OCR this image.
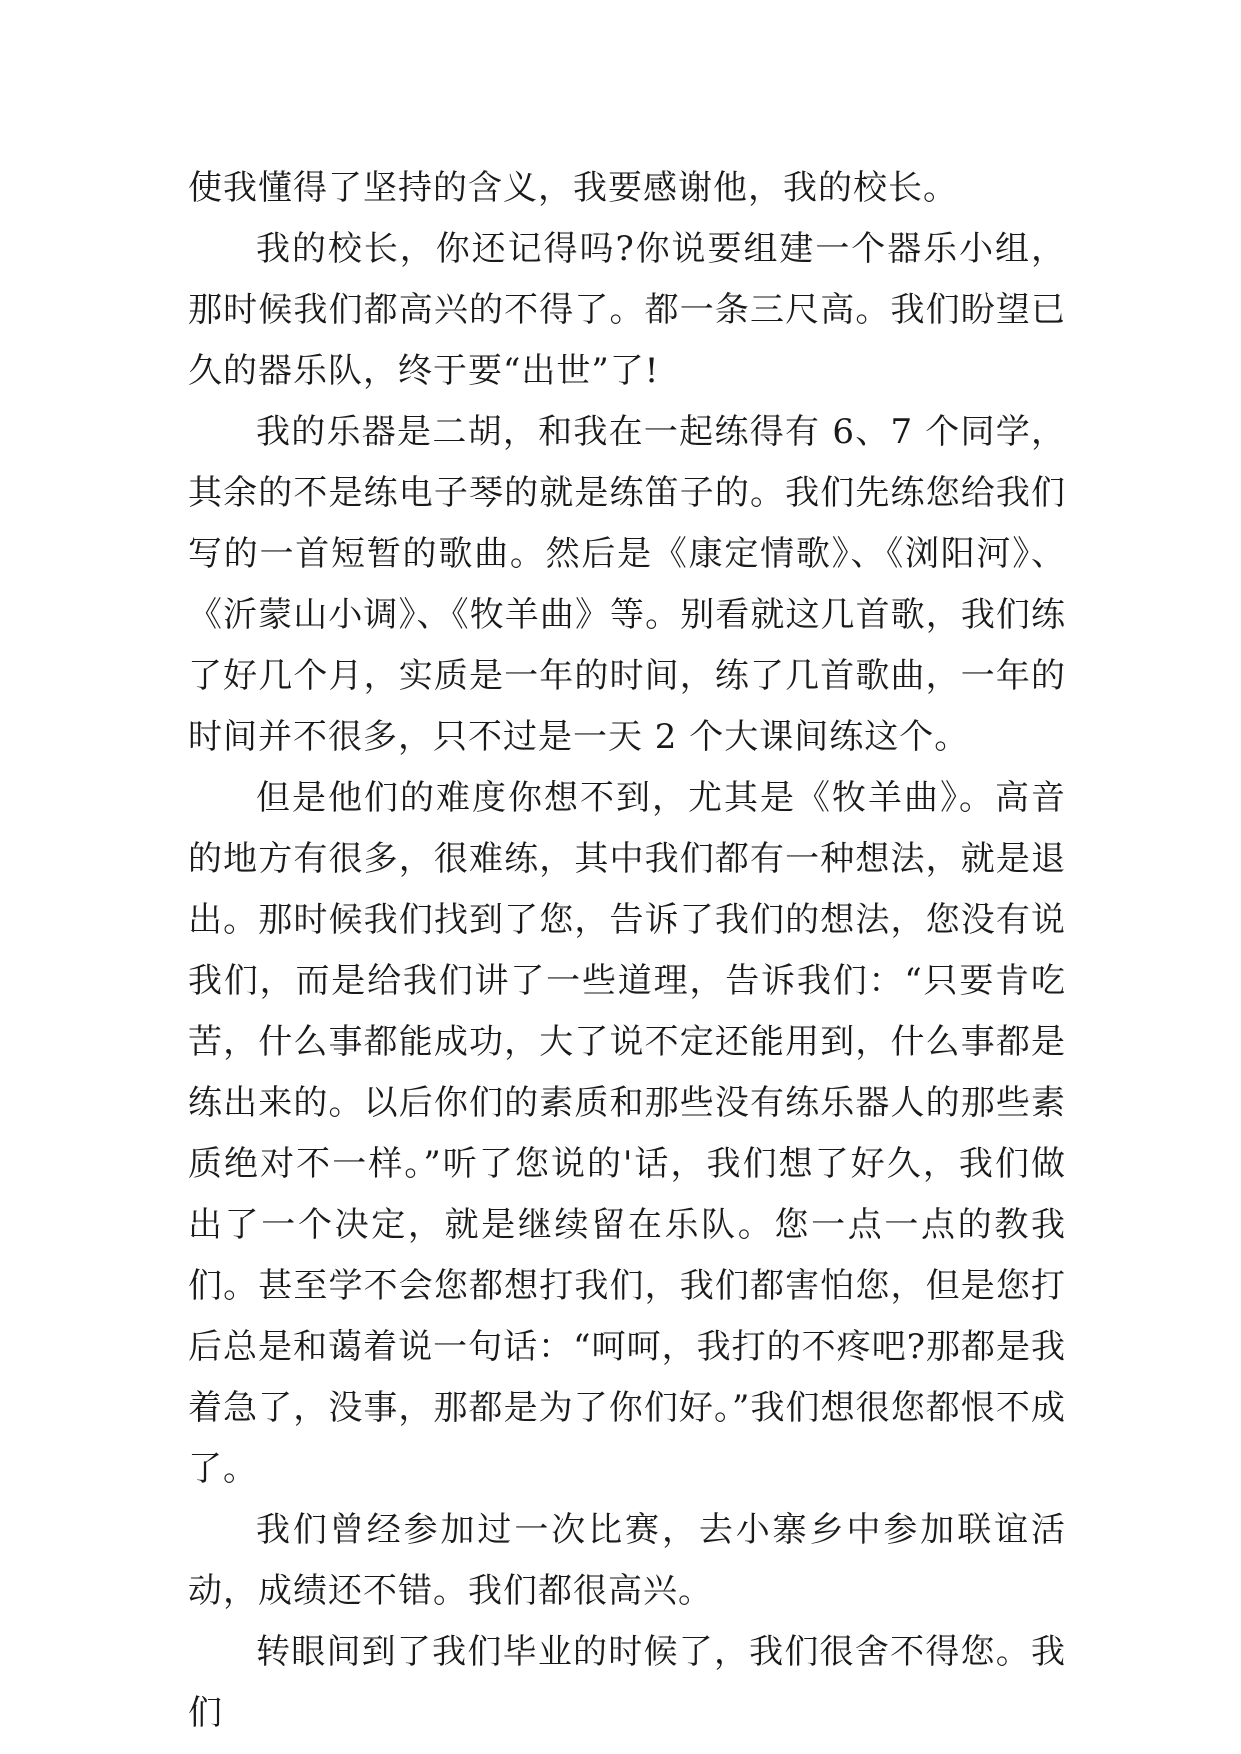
使我懂得了坚持的含义，我要感谢他，我的校长。

我的校长，你还记得吗?你说要组建一个器乐小组，那时候我们都高兴的不得了。都一条三尺高。我们盼望已久的器乐队，终于要“出世”了!

我的乐器是二胡，和我在一起练得有 6、7 个同学，其余的不是练电子琴的就是练笛子的。我们先练您给我们写的一首短暂的歌曲。然后是《康定情歌》、《浏阳河》、《沂蒙山小调》、《牧羊曲》等。别看就这几首歌，我们练了好几个月，实质是一年的时间，练了几首歌曲，一年的时间并不很多，只不过是一天 2 个大课间练这个。

但是他们的难度你想不到，尤其是《牧羊曲》。高音的地方有很多，很难练，其中我们都有一种想法，就是退出。那时候我们找到了您，告诉了我们的想法，您没有说我们，而是给我们讲了一些道理，告诉我们：“只要肯吃苦，什么事都能成功，大了说不定还能用到，什么事都是练出来的。以后你们的素质和那些没有练乐器人的那些素质绝对不一样。”听了您说的'话，我们想了好久，我们做出了一个决定，就是继续留在乐队。您一点一点的教我们。甚至学不会您都想打我们，我们都害怕您，但是您打后总是和蔼着说一句话：“呵呵，我打的不疼吧?那都是我着急了，没事，那都是为了你们好。”我们想很您都恨不成了。

我们曾经参加过一次比赛，去小寨乡中参加联谊活动，成绩还不错。我们都很高兴。

转眼间到了我们毕业的时候了，我们很舍不得您。我们
